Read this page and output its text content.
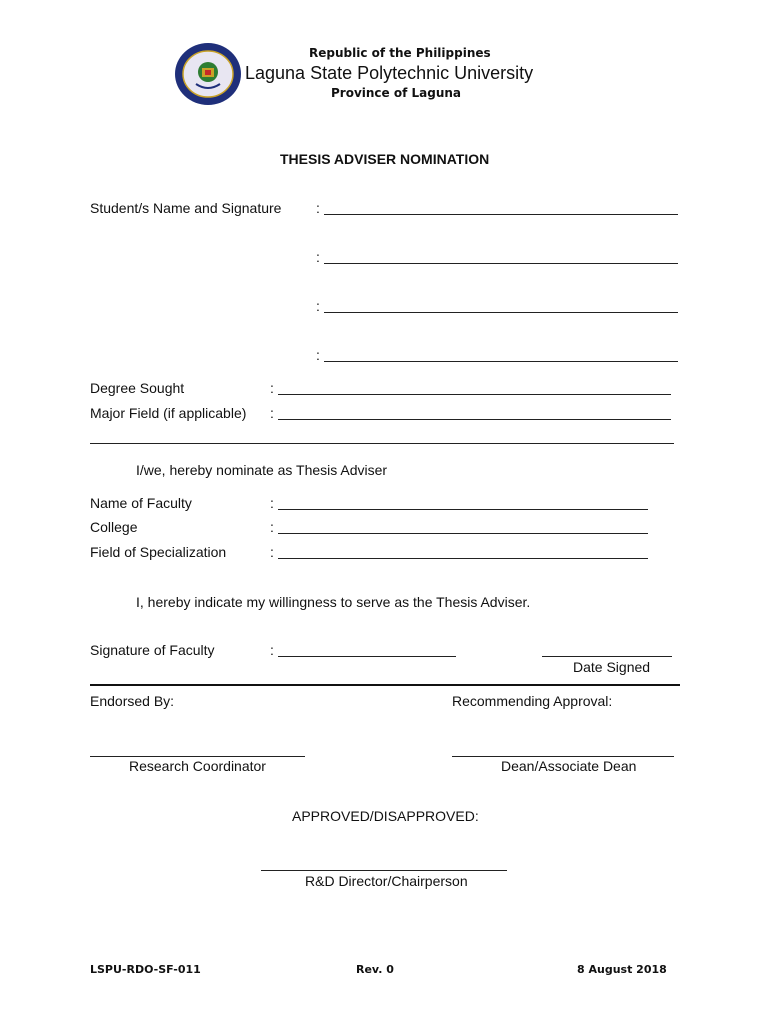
Republic of the Philippines
Laguna State Polytechnic University
Province of Laguna
THESIS ADVISER NOMINATION
Student/s Name and Signature :
:
:
:
Degree Sought	:
Major Field (if applicable) :
I/we, hereby nominate as Thesis Adviser
Name of Faculty	:
College	:
Field of Specialization	:
I, hereby indicate my willingness to serve as the Thesis Adviser.
Signature of Faculty	:
Date Signed
Endorsed By:	Recommending Approval:
Research Coordinator	Dean/Associate Dean
APPROVED/DISAPPROVED:
R&D Director/Chairperson
LSPU-RDO-SF-011	Rev. 0	8 August 2018
